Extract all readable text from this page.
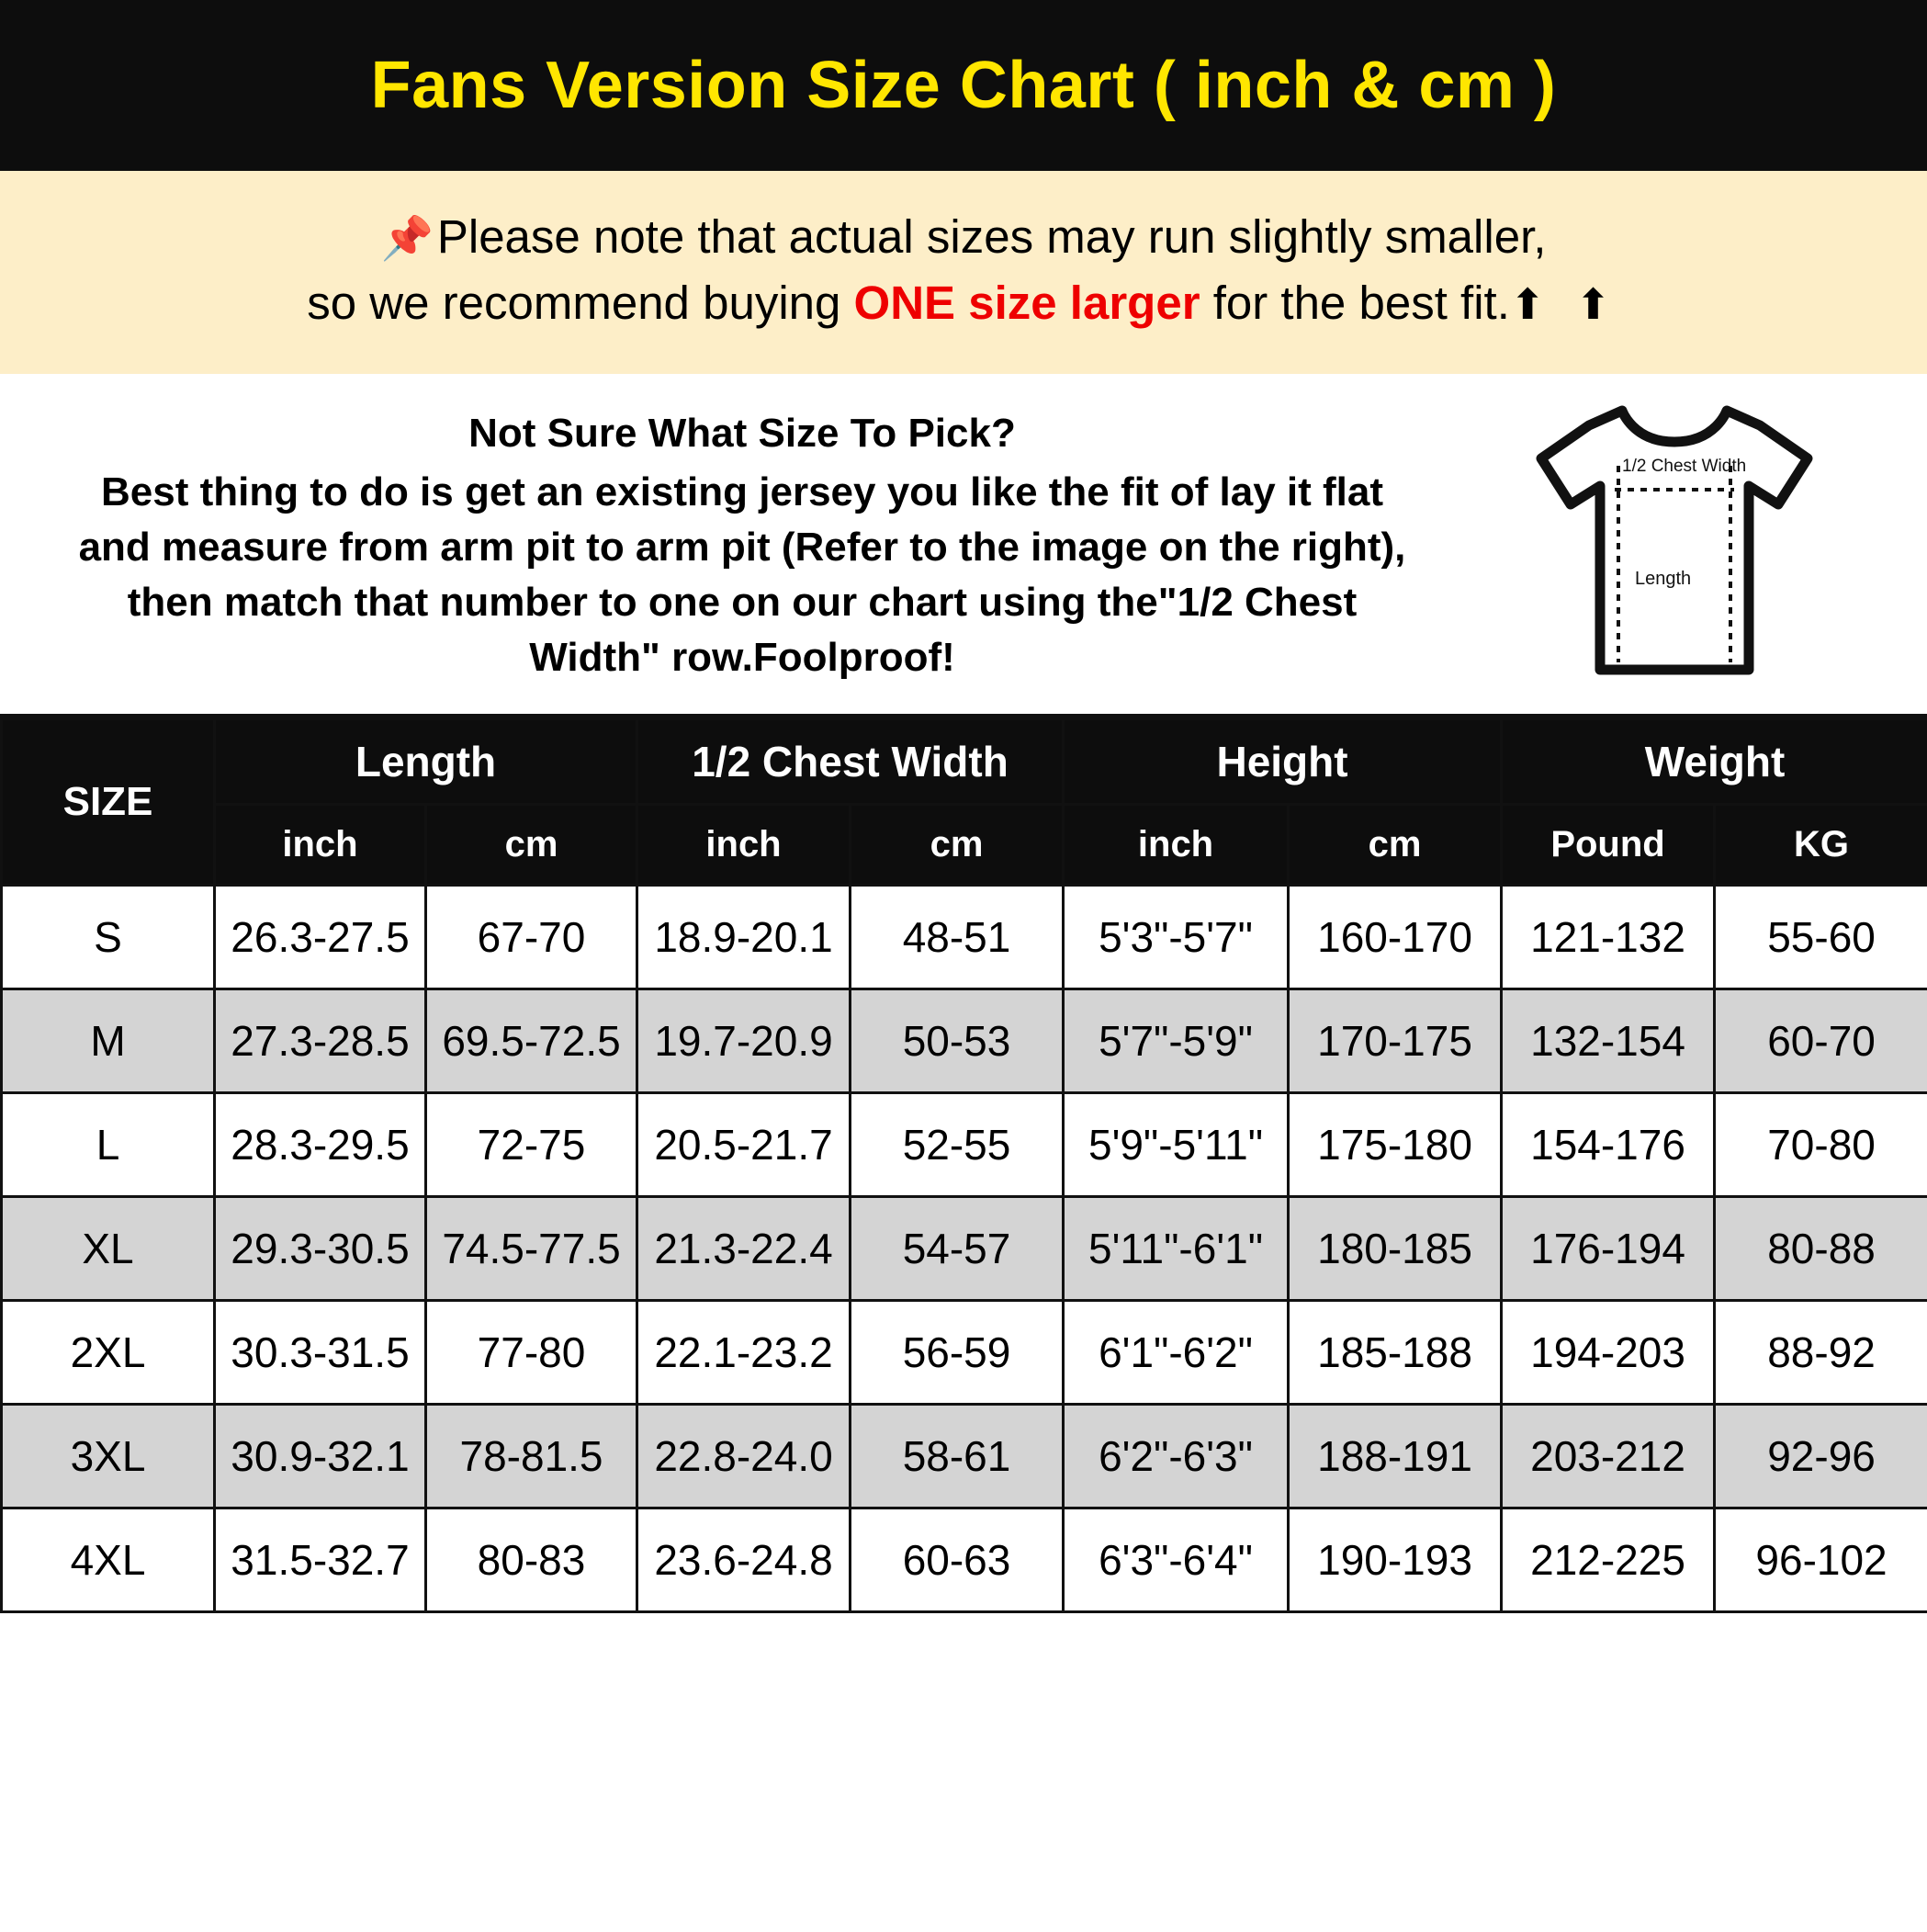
Fans Version Size Chart ( inch & cm )
📌Please note that actual sizes may run slightly smaller,
so we recommend buying ONE size larger for the best fit.⬆ ⬆
Not Sure What Size To Pick?
Best thing to do is get an existing jersey you like the fit of lay it flat
and measure from arm pit to arm pit (Refer to the image on the right),
then match that number to one on our chart using the"1/2 Chest
Width" row.Foolproof!
1/2 Chest Width
Length
SIZE	Length		1/2 Chest Width		Height		Weight	
	inch	cm	inch	cm	inch	cm	Pound	KG
S	26.3-27.5	67-70	18.9-20.1	48-51	5'3"-5'7"	160-170	121-132	55-60
M	27.3-28.5	69.5-72.5	19.7-20.9	50-53	5'7"-5'9"	170-175	132-154	60-70
L	28.3-29.5	72-75	20.5-21.7	52-55	5'9"-5'11"	175-180	154-176	70-80
XL	29.3-30.5	74.5-77.5	21.3-22.4	54-57	5'11"-6'1"	180-185	176-194	80-88
2XL	30.3-31.5	77-80	22.1-23.2	56-59	6'1"-6'2"	185-188	194-203	88-92
3XL	30.9-32.1	78-81.5	22.8-24.0	58-61	6'2"-6'3"	188-191	203-212	92-96
4XL	31.5-32.7	80-83	23.6-24.8	60-63	6'3"-6'4"	190-193	212-225	96-102
